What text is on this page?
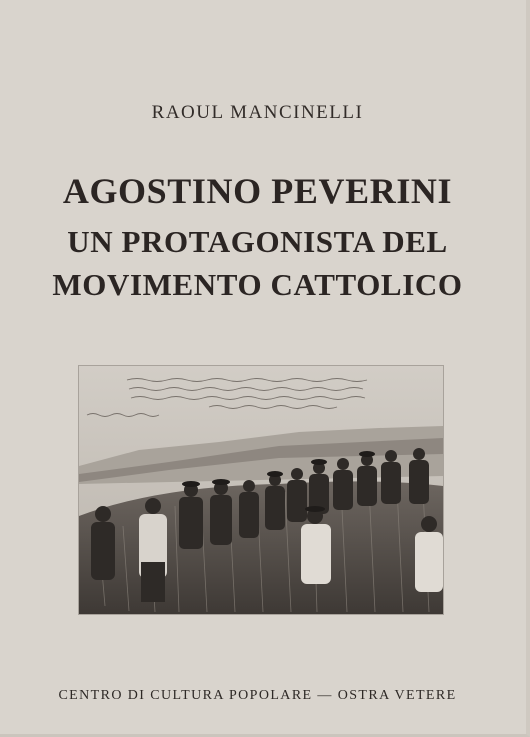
RAOUL MANCINELLI
AGOSTINO PEVERINI
UN PROTAGONISTA DEL
MOVIMENTO CATTOLICO
CENTRO DI CULTURA POPOLARE — OSTRA VETERE
